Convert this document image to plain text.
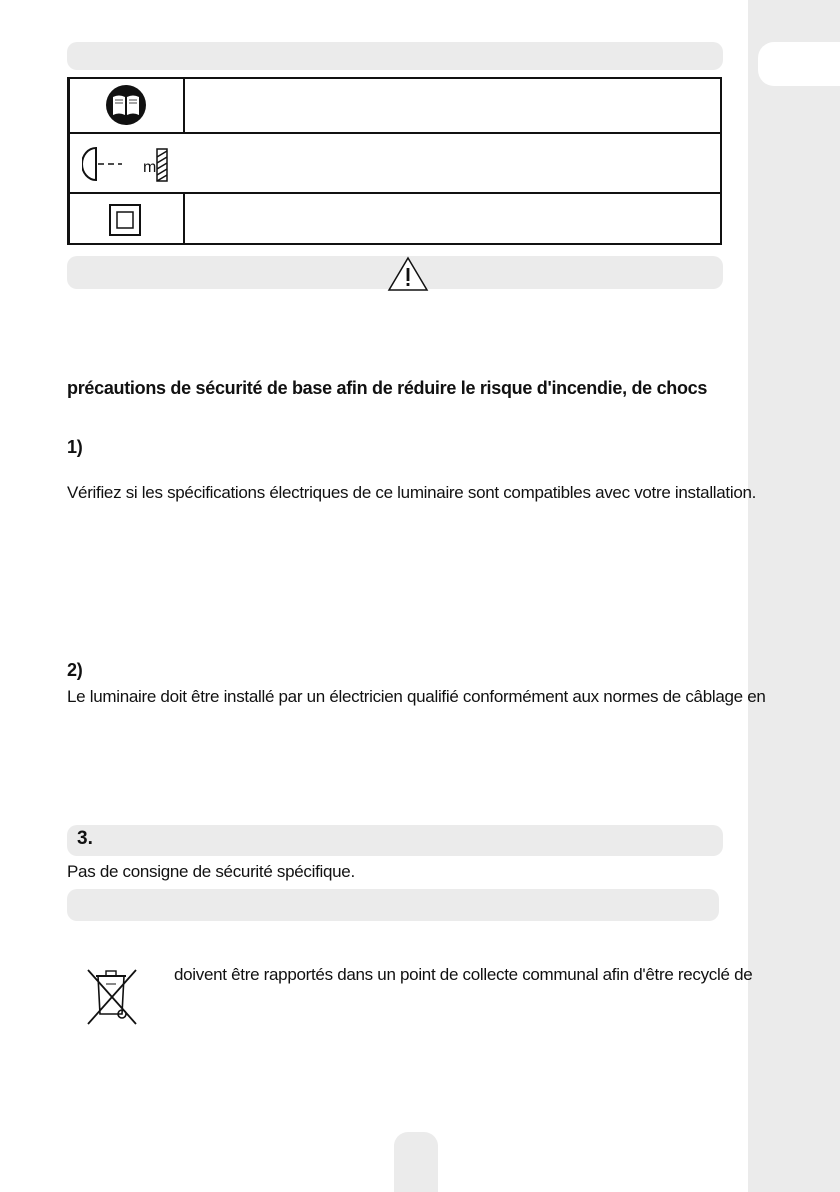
m
précautions de sécurité de base afin de réduire le risque d'incendie, de chocs
1)
Vérifiez si les spécifications électriques de ce luminaire sont compatibles avec votre installation.
2)
Le luminaire doit être installé par un électricien qualifié conformément aux normes de câblage en
3.
Pas de consigne de sécurité spécifique.
doivent être rapportés dans un point de collecte communal afin d'être recyclé de
